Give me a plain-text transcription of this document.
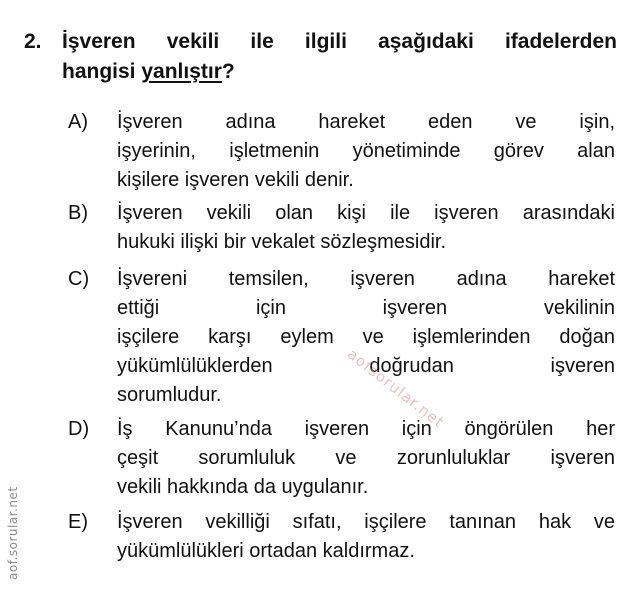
2. İşveren vekili ile ilgili aşağıdaki ifadelerden
hangisi yanlıştır?
A) İşveren adına hareket eden ve işin,
işyerinin, işletmenin yönetiminde görev alan
kişilere işveren vekili denir.
B) İşveren vekili olan kişi ile işveren arasındaki
hukuki ilişki bir vekalet sözleşmesidir.
C) İşvereni temsilen, işveren adına hareket
ettiği için işveren vekilinin
işçilere karşı eylem ve işlemlerinden doğan
yükümlülüklerden doğrudan işveren
sorumludur.
D) İş Kanunu’nda işveren için öngörülen her
çeşit sorumluluk ve zorunluluklar işveren
vekili hakkında da uygulanır.
E) İşveren vekilliği sıfatı, işçilere tanınan hak ve
yükümlülükleri ortadan kaldırmaz.
aof.sorular.net
aofsorular.net
